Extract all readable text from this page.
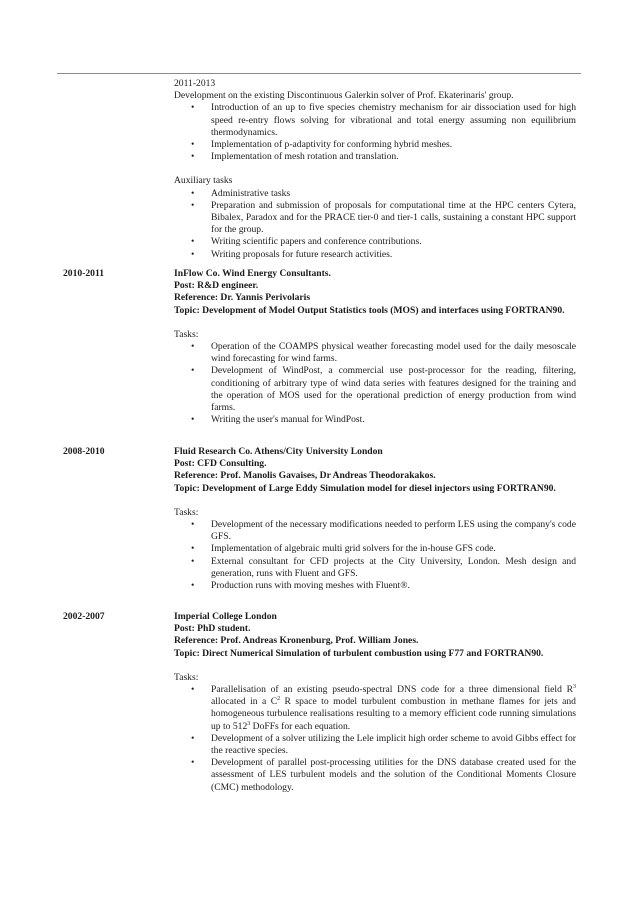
2011-2013
Development on the existing Discontinuous Galerkin solver of Prof. Ekaterinaris' group.
• Introduction of an up to five species chemistry mechanism for air dissociation used for high speed re-entry flows solving for vibrational and total energy assuming non equilibrium thermodynamics.
• Implementation of p-adaptivity for conforming hybrid meshes.
• Implementation of mesh rotation and translation.
Auxiliary tasks
• Administrative tasks
• Preparation and submission of proposals for computational time at the HPC centers Cytera, Bibalex, Paradox and for the PRACE tier-0 and tier-1 calls, sustaining a constant HPC support for the group.
• Writing scientific papers and conference contributions.
• Writing proposals for future research activities.
2010-2011	InFlow Co. Wind Energy Consultants.
Post: R&D engineer.
Reference: Dr. Yannis Perivolaris
Topic: Development of Model Output Statistics tools (MOS) and interfaces using FORTRAN90.
Tasks:
• Operation of the COAMPS physical weather forecasting model used for the daily mesoscale wind forecasting for wind farms.
• Development of WindPost, a commercial use post-processor for the reading, filtering, conditioning of arbitrary type of wind data series with features designed for the training and the operation of MOS used for the operational prediction of energy production from wind farms.
• Writing the user's manual for WindPost.
2008-2010	Fluid Research Co. Athens/City University London
Post: CFD Consulting.
Reference: Prof. Manolis Gavaises, Dr Andreas Theodorakakos.
Topic: Development of Large Eddy Simulation model for diesel injectors using FORTRAN90.
Tasks:
• Development of the necessary modifications needed to perform LES using the company's code GFS.
• Implementation of algebraic multi grid solvers for the in-house GFS code.
• External consultant for CFD projects at the City University, London. Mesh design and generation, runs with Fluent and GFS.
• Production runs with moving meshes with Fluent®.
2002-2007	Imperial College London
Post: PhD student.
Reference: Prof. Andreas Kronenburg, Prof. William Jones.
Topic: Direct Numerical Simulation of turbulent combustion using F77 and FORTRAN90.
Tasks:
• Parallelisation of an existing pseudo-spectral DNS code for a three dimensional field $R^3$ allocated in a $C^2$ R space to model turbulent combustion in methane flames for jets and homogeneous turbulence realisations resulting to a memory efficient code running simulations up to $512^3$ DoFFs for each equation.
• Development of a solver utilizing the Lele implicit high order scheme to avoid Gibbs effect for the reactive species.
• Development of parallel post-processing utilities for the DNS database created used for the assessment of LES turbulent models and the solution of the Conditional Moments Closure (CMC) methodology.
